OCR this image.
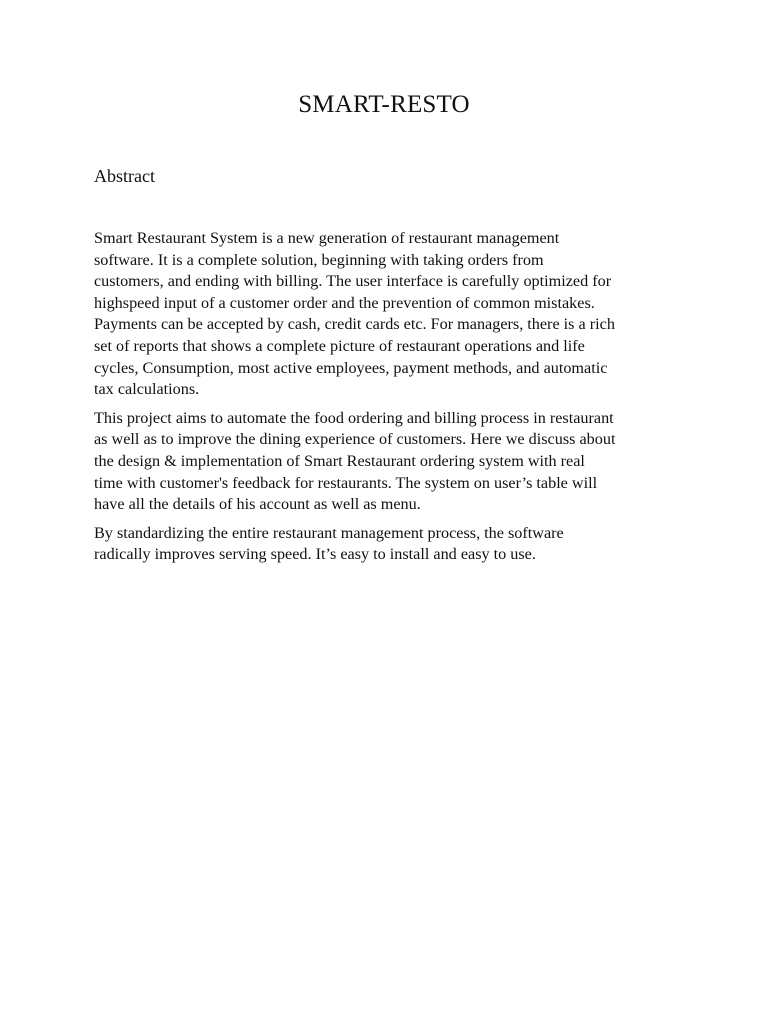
SMART-RESTO
Abstract

Smart Restaurant System is a new generation of restaurant management
software. It is a complete solution, beginning with taking orders from
customers, and ending with billing. The user interface is carefully optimized for
highspeed input of a customer order and the prevention of common mistakes.
Payments can be accepted by cash, credit cards etc. For managers, there is a rich
set of reports that shows a complete picture of restaurant operations and life
cycles, Consumption, most active employees, payment methods, and automatic
tax calculations.

This project aims to automate the food ordering and billing process in restaurant
as well as to improve the dining experience of customers. Here we discuss about
the design & implementation of Smart Restaurant ordering system with real
time with customer's feedback for restaurants. The system on user’s table will
have all the details of his account as well as menu.

By standardizing the entire restaurant management process, the software
radically improves serving speed. It’s easy to install and easy to use.
